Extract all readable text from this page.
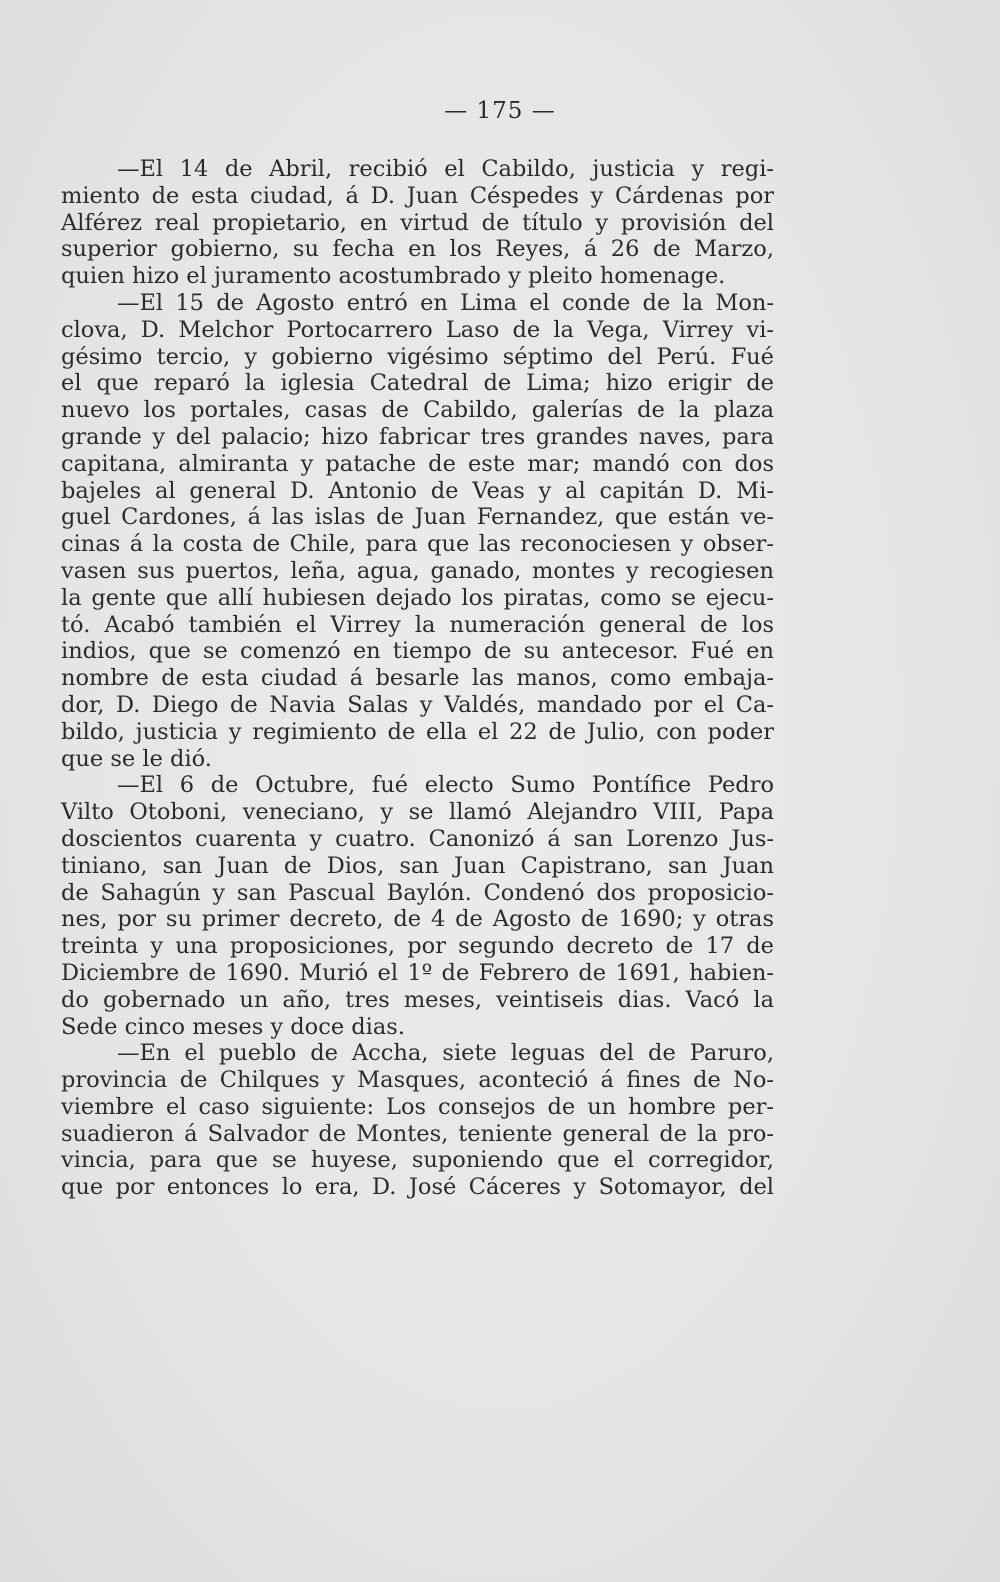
— 175 —
—El 14 de Abril, recibió el Cabildo, justicia y regi-
miento de esta ciudad, á D. Juan Céspedes y Cárdenas por
Alférez real propietario, en virtud de título y provisión del
superior gobierno, su fecha en los Reyes, á 26 de Marzo,
quien hizo el juramento acostumbrado y pleito homenage.
—El 15 de Agosto entró en Lima el conde de la Mon-
clova, D. Melchor Portocarrero Laso de la Vega, Virrey vi-
gésimo tercio, y gobierno vigésimo séptimo del Perú. Fué
el que reparó la iglesia Catedral de Lima; hizo erigir de
nuevo los portales, casas de Cabildo, galerías de la plaza
grande y del palacio; hizo fabricar tres grandes naves, para
capitana, almiranta y patache de este mar; mandó con dos
bajeles al general D. Antonio de Veas y al capitán D. Mi-
guel Cardones, á las islas de Juan Fernandez, que están ve-
cinas á la costa de Chile, para que las reconociesen y obser-
vasen sus puertos, leña, agua, ganado, montes y recogiesen
la gente que allí hubiesen dejado los piratas, como se ejecu-
tó. Acabó también el Virrey la numeración general de los
indios, que se comenzó en tiempo de su antecesor. Fué en
nombre de esta ciudad á besarle las manos, como embaja-
dor, D. Diego de Navia Salas y Valdés, mandado por el Ca-
bildo, justicia y regimiento de ella el 22 de Julio, con poder
que se le dió.
—El 6 de Octubre, fué electo Sumo Pontífice Pedro
Vilto Otoboni, veneciano, y se llamó Alejandro VIII, Papa
doscientos cuarenta y cuatro. Canonizó á san Lorenzo Jus-
tiniano, san Juan de Dios, san Juan Capistrano, san Juan
de Sahagún y san Pascual Baylón. Condenó dos proposicio-
nes, por su primer decreto, de 4 de Agosto de 1690; y otras
treinta y una proposiciones, por segundo decreto de 17 de
Diciembre de 1690. Murió el 1º de Febrero de 1691, habien-
do gobernado un año, tres meses, veintiseis dias. Vacó la
Sede cinco meses y doce dias.
—En el pueblo de Accha, siete leguas del de Paruro,
provincia de Chilques y Masques, aconteció á fines de No-
viembre el caso siguiente: Los consejos de un hombre per-
suadieron á Salvador de Montes, teniente general de la pro-
vincia, para que se huyese, suponiendo que el corregidor,
que por entonces lo era, D. José Cáceres y Sotomayor, del
